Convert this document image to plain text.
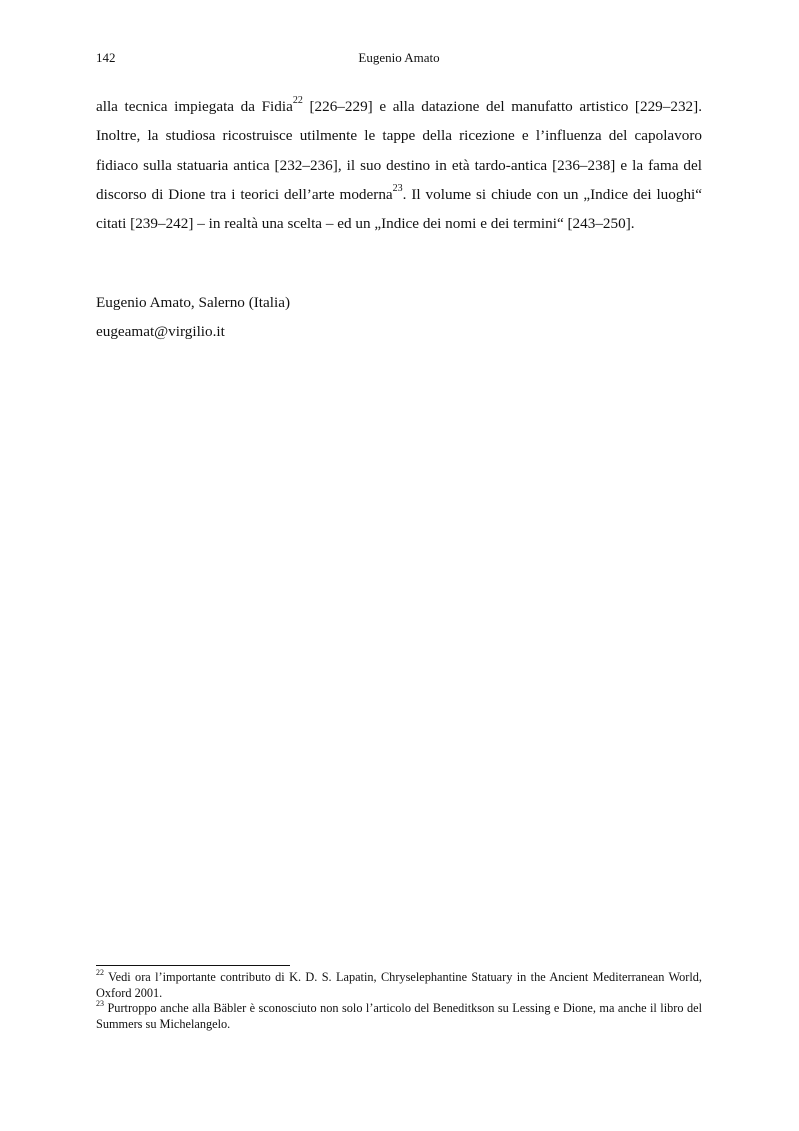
142	Eugenio Amato

alla tecnica impiegata da Fidia$^{22}$ [226–229] e alla datazione del manufatto artistico [229–232]. Inoltre, la studiosa ricostruisce utilmente le tappe della ricezione e l’influenza del capolavoro fidiaco sulla statuaria antica [232–236], il suo destino in età tardo-antica [236–238] e la fama del discorso di Dione tra i teorici dell’arte moderna$^{23}$. Il volume si chiude con un „Indice dei luoghi“ citati [239–242] – in realtà una scelta – ed un „Indice dei nomi e dei termini“ [243–250].

Eugenio Amato, Salerno (Italia)
eugeamat@virgilio.it

$^{22}$ Vedi ora l’importante contributo di K. D. S. Lapatin, Chryselephantine Statuary in the Ancient Mediterranean World, Oxford 2001.

$^{23}$ Purtroppo anche alla Bäbler è sconosciuto non solo l’articolo del Beneditkson su Lessing e Dione, ma anche il libro del Summers su Michelangelo.
